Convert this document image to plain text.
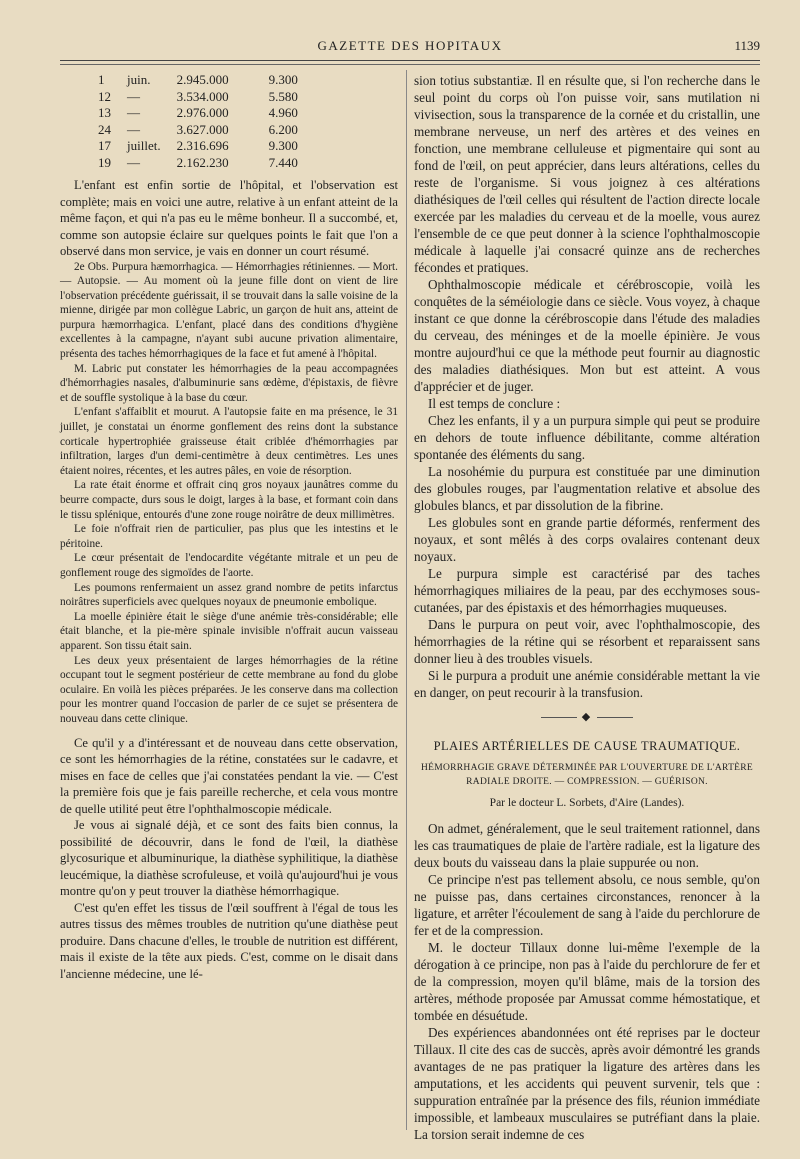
GAZETTE DES HOPITAUX	1139
1	juin.	2.945.000	9.300
12	—	3.534.000	5.580
13	—	2.976.000	4.960
24	—	3.627.000	6.200
17	juillet.	2.316.696	9.300
19	—	2.162.230	7.440

L'enfant est enfin sortie de l'hôpital, et l'observation est complète; mais en voici une autre, relative à un enfant atteint de la même façon, et qui n'a pas eu le même bonheur. Il a succombé, et, comme son autopsie éclaire sur quelques points le fait que l'on a observé dans mon service, je vais en donner un court résumé.

2e Obs. Purpura hæmorrhagica. — Hémorrhagies rétiniennes. — Mort. — Autopsie. — Au moment où la jeune fille dont on vient de lire l'observation précédente guérissait, il se trouvait dans la salle voisine de la mienne, dirigée par mon collègue Labric, un garçon de huit ans, atteint de purpura hæmorrhagica. L'enfant, placé dans des conditions d'hygiène excellentes à la campagne, n'ayant subi aucune privation alimentaire, présenta des taches hémorrhagiques de la face et fut amené à l'hôpital.

M. Labric put constater les hémorrhagies de la peau accompagnées d'hémorrhagies nasales, d'albuminurie sans œdème, d'épistaxis, de fièvre et de souffle systolique à la base du cœur.

L'enfant s'affaiblit et mourut. A l'autopsie faite en ma présence, le 31 juillet, je constatai un énorme gonflement des reins dont la substance corticale hypertrophiée graisseuse était criblée d'hémorrhagies par infiltration, larges d'un demi-centimètre à deux centimètres. Les unes étaient noires, récentes, et les autres pâles, en voie de résorption.

La rate était énorme et offrait cinq gros noyaux jaunâtres comme du beurre compacte, durs sous le doigt, larges à la base, et formant coin dans le tissu splénique, entourés d'une zone rouge noirâtre de deux millimètres.

Le foie n'offrait rien de particulier, pas plus que les intestins et le péritoine.

Le cœur présentait de l'endocardite végétante mitrale et un peu de gonflement rouge des sigmoïdes de l'aorte.

Les poumons renfermaient un assez grand nombre de petits infarctus noirâtres superficiels avec quelques noyaux de pneumonie embolique.

La moelle épinière était le siège d'une anémie très-considérable; elle était blanche, et la pie-mère spinale invisible n'offrait aucun vaisseau apparent. Son tissu était sain.

Les deux yeux présentaient de larges hémorrhagies de la rétine occupant tout le segment postérieur de cette membrane au fond du globe oculaire. En voilà les pièces préparées. Je les conserve dans ma collection pour les montrer quand l'occasion de parler de ce sujet se présentera de nouveau dans cette clinique.

Ce qu'il y a d'intéressant et de nouveau dans cette observation, ce sont les hémorrhagies de la rétine, constatées sur le cadavre, et mises en face de celles que j'ai constatées pendant la vie. — C'est la première fois que je fais pareille recherche, et cela vous montre de quelle utilité peut être l'ophthalmoscopie médicale.

Je vous ai signalé déjà, et ce sont des faits bien connus, la possibilité de découvrir, dans le fond de l'œil, la diathèse glycosurique et albuminurique, la diathèse syphilitique, la diathèse leucémique, la diathèse scrofuleuse, et voilà qu'aujourd'hui je vous montre qu'on y peut trouver la diathèse hémorrhagique.

C'est qu'en effet les tissus de l'œil souffrent à l'égal de tous les autres tissus des mêmes troubles de nutrition qu'une diathèse peut produire. Dans chacune d'elles, le trouble de nutrition est différent, mais il existe de la tête aux pieds. C'est, comme on le disait dans l'ancienne médecine, une lé-

sion totius substantiæ. Il en résulte que, si l'on recherche dans le seul point du corps où l'on puisse voir, sans mutilation ni vivisection, sous la transparence de la cornée et du cristallin, une membrane nerveuse, un nerf des artères et des veines en fonction, une membrane celluleuse et pigmentaire qui sont au fond de l'œil, on peut apprécier, dans leurs altérations, celles du reste de l'organisme. Si vous joignez à ces altérations diathésiques de l'œil celles qui résultent de l'action directe locale exercée par les maladies du cerveau et de la moelle, vous aurez l'ensemble de ce que peut donner à la science l'ophthalmoscopie médicale à laquelle j'ai consacré quinze ans de recherches fécondes et pratiques.

Ophthalmoscopie médicale et cérébroscopie, voilà les conquêtes de la séméiologie dans ce siècle. Vous voyez, à chaque instant ce que donne la cérébroscopie dans l'étude des maladies du cerveau, des méninges et de la moelle épinière. Je vous montre aujourd'hui ce que la méthode peut fournir au diagnostic des maladies diathésiques. Mon but est atteint. A vous d'apprécier et de juger.

Il est temps de conclure :

Chez les enfants, il y a un purpura simple qui peut se produire en dehors de toute influence débilitante, comme altération spontanée des éléments du sang.

La nosohémie du purpura est constituée par une diminution des globules rouges, par l'augmentation relative et absolue des globules blancs, et par dissolution de la fibrine.

Les globules sont en grande partie déformés, renferment des noyaux, et sont mêlés à des corps ovalaires contenant deux noyaux.

Le purpura simple est caractérisé par des taches hémorrhagiques miliaires de la peau, par des ecchymoses sous-cutanées, par des épistaxis et des hémorrhagies muqueuses.

Dans le purpura on peut voir, avec l'ophthalmoscopie, des hémorrhagies de la rétine qui se résorbent et reparaissent sans donner lieu à des troubles visuels.

Si le purpura a produit une anémie considérable mettant la vie en danger, on peut recourir à la transfusion.

◆
PLAIES ARTÉRIELLES DE CAUSE TRAUMATIQUE.
HÉMORRHAGIE GRAVE DÉTERMINÉE PAR L'OUVERTURE DE L'ARTÈRE RADIALE DROITE. — COMPRESSION. — GUÉRISON.
Par le docteur L. Sorbets, d'Aire (Landes).

On admet, généralement, que le seul traitement rationnel, dans les cas traumatiques de plaie de l'artère radiale, est la ligature des deux bouts du vaisseau dans la plaie suppurée ou non.

Ce principe n'est pas tellement absolu, ce nous semble, qu'on ne puisse pas, dans certaines circonstances, renoncer à la ligature, et arrêter l'écoulement de sang à l'aide du perchlorure de fer et de la compression.

M. le docteur Tillaux donne lui-même l'exemple de la dérogation à ce principe, non pas à l'aide du perchlorure de fer et de la compression, moyen qu'il blâme, mais de la torsion des artères, méthode proposée par Amussat comme hémostatique, et tombée en désuétude.

Des expériences abandonnées ont été reprises par le docteur Tillaux. Il cite des cas de succès, après avoir démontré les grands avantages de ne pas pratiquer la ligature des artères dans les amputations, et les accidents qui peuvent survenir, tels que : suppuration entraînée par la présence des fils, réunion immédiate impossible, et lambeaux musculaires se putréfiant dans la plaie. La torsion serait indemne de ces
